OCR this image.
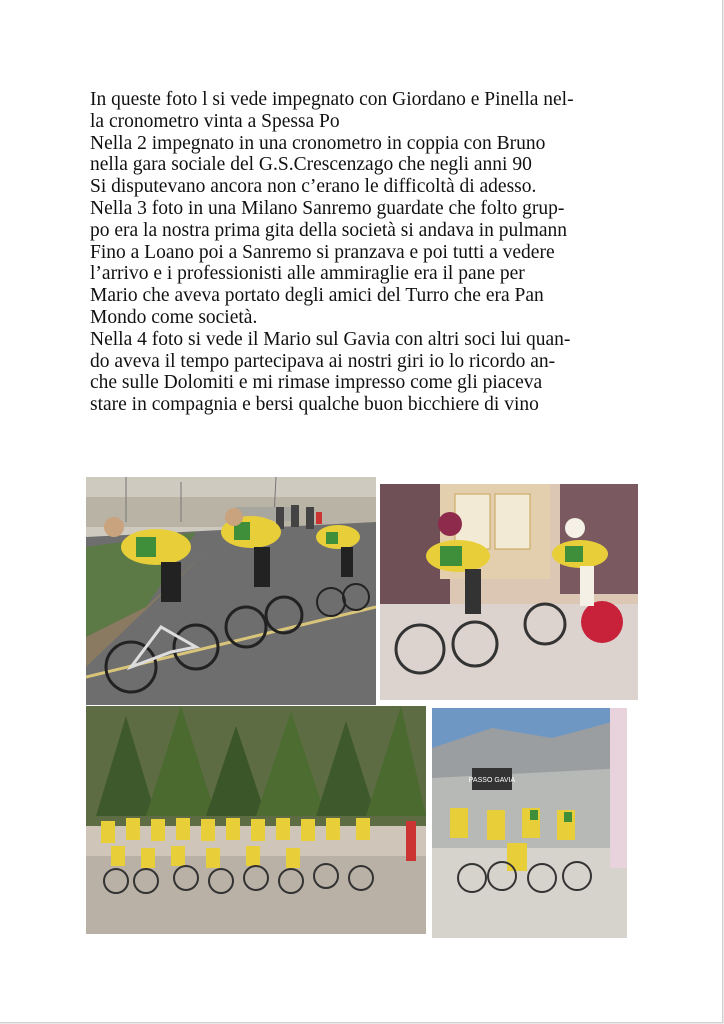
In queste foto l si vede impegnato con Giordano e Pinella nel-
la cronometro vinta a Spessa Po
Nella 2 impegnato in una cronometro in coppia con Bruno
nella gara sociale del G.S.Crescenzago che negli anni 90
Si disputevano ancora non c’erano le difficoltà di adesso.
Nella 3 foto in una Milano Sanremo guardate che folto grup-
po era la nostra prima gita della società si andava in pulmann
Fino a Loano poi a Sanremo si pranzava e poi tutti a vedere
l’arrivo e i professionisti alle ammiraglie era il pane per
Mario che aveva portato degli amici del Turro che era Pan
Mondo come società.
Nella 4 foto si vede il Mario sul Gavia con altri soci lui quan-
do aveva il tempo partecipava ai nostri giri io lo ricordo an-
che sulle Dolomiti e mi rimase impresso come gli piaceva
stare in compagnia e bersi qualche buon bicchiere di vino
PASSO GAVIA
